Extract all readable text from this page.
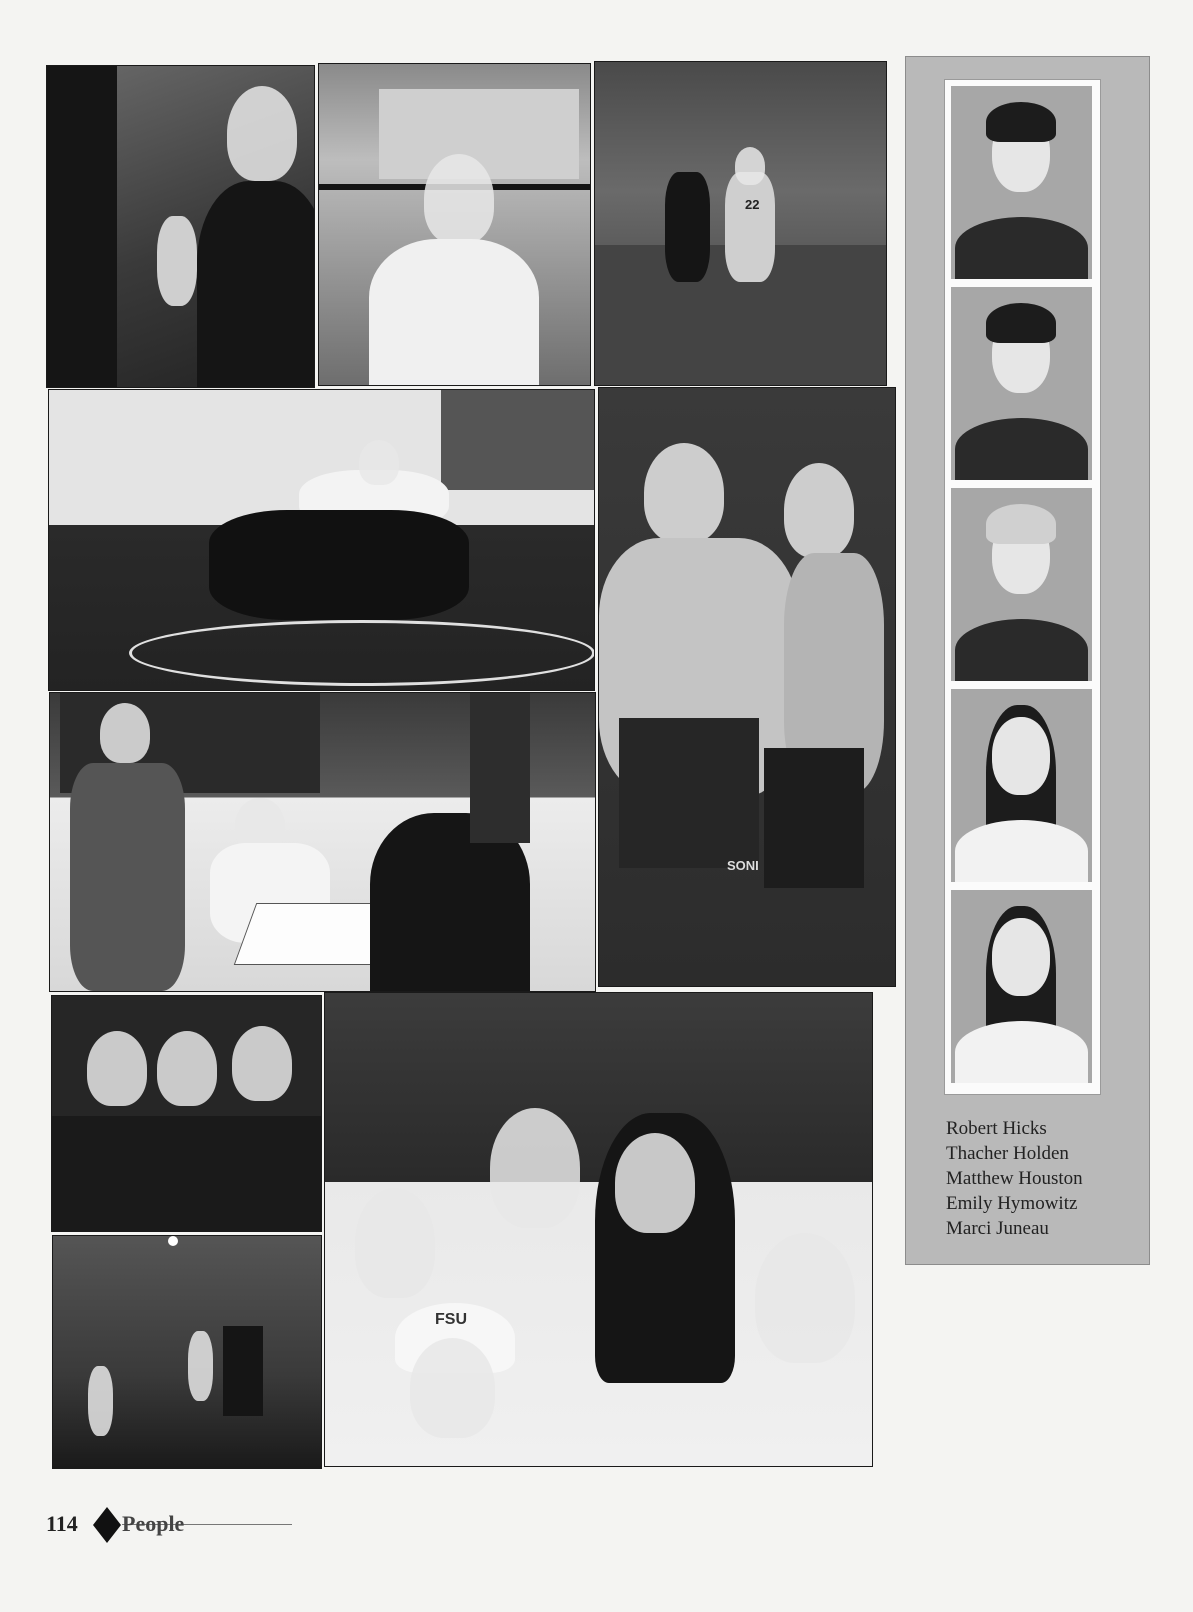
22
SONI
FSU
Robert Hicks
Thacher Holden
Matthew Houston
Emily Hymowitz
Marci Juneau
114 People
